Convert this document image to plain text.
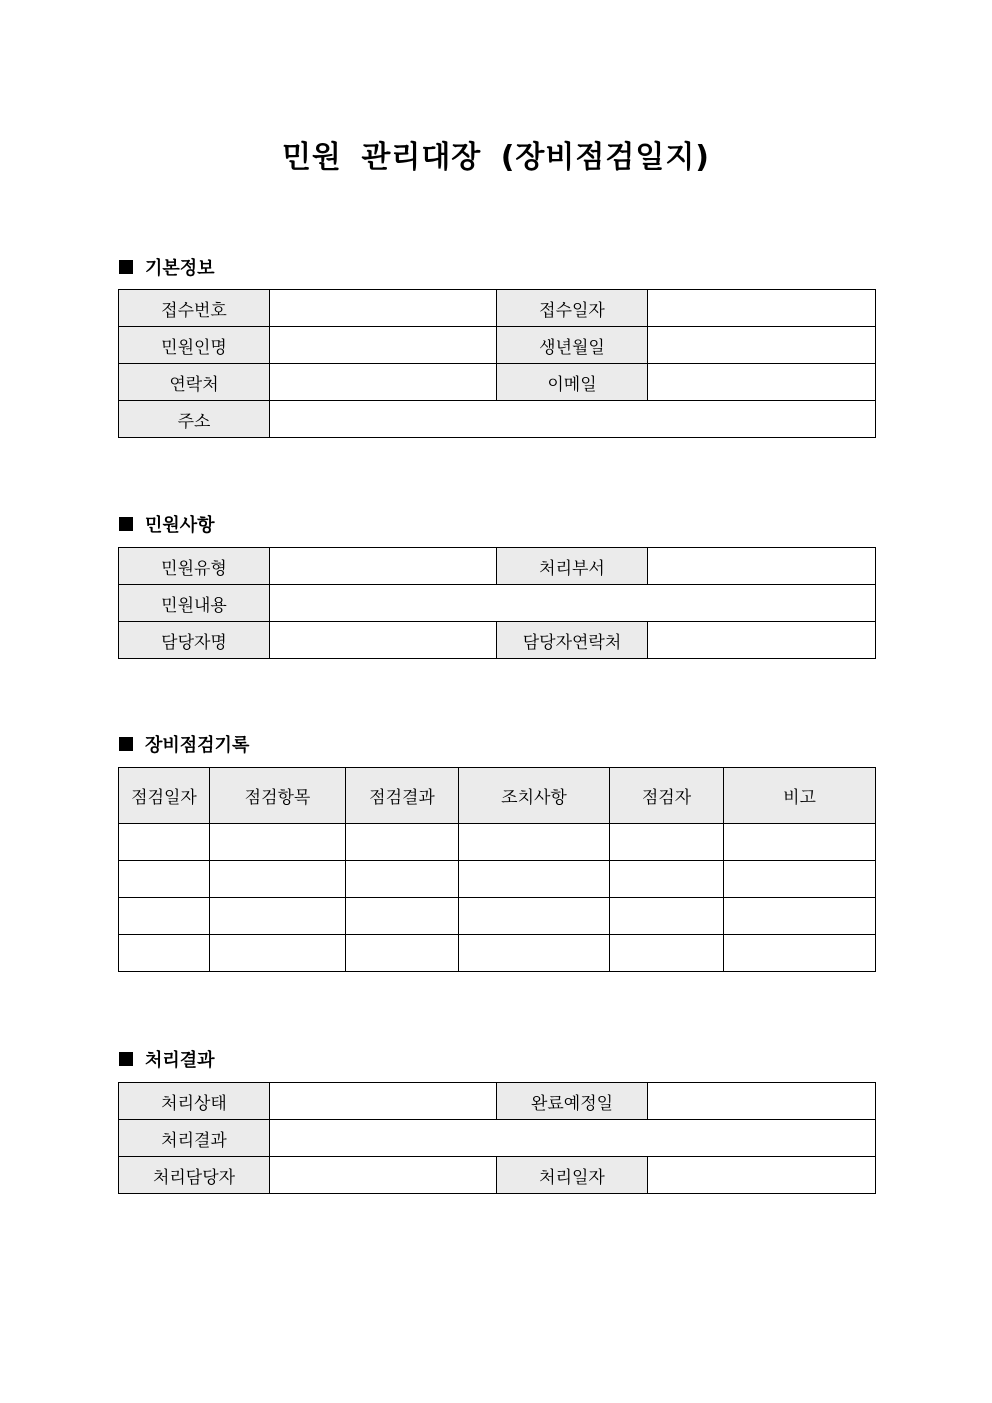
민원 관리대장 (장비점검일지)
기본정보
접수번호		접수일자	
민원인명		생년월일	
연락처		이메일	
주소			
민원사항
민원유형		처리부서	
민원내용			
담당자명		담당자연락처	
장비점검기록
점검일자	점검항목	점검결과	조치사항	점검자	비고

처리결과
처리상태		완료예정일	
처리결과			
처리담당자		처리일자	
